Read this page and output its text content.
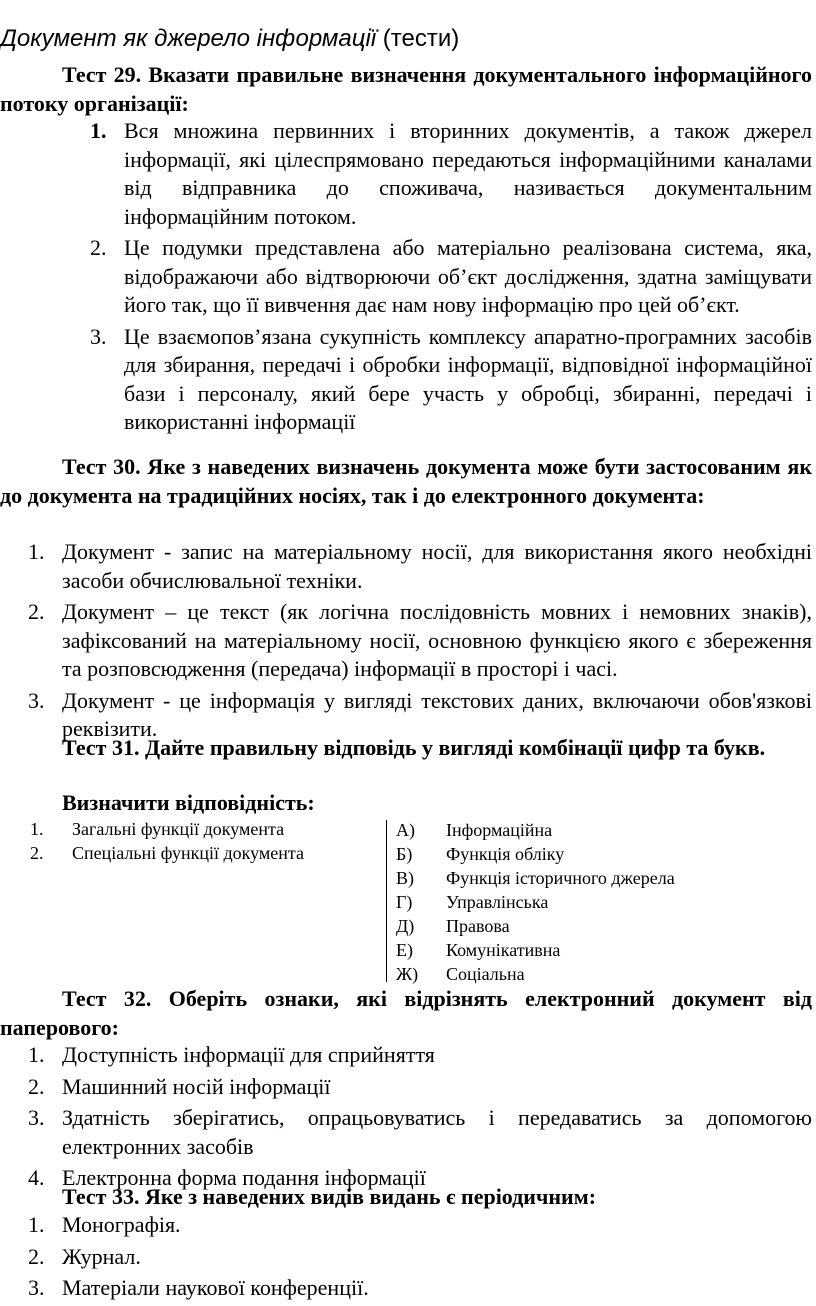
Документ як джерело інформації (тести)
Тест 29. Вказати правильне визначення документального інформаційного потоку організації:
1. Вся множина первинних і вторинних документів, а також джерел інформації, які цілеспрямовано передаються інформаційними каналами від відправника до споживача, називається документальним інформаційним потоком.
2. Це подумки представлена або матеріально реалізована система, яка, відображаючи або відтворюючи об’єкт дослідження, здатна заміщувати його так, що її вивчення дає нам нову інформацію про цей об’єкт.
3. Це взаємопов’язана сукупність комплексу апаратно-програмних засобів для збирання, передачі і обробки інформації, відповідної інформаційної бази і персоналу, який бере участь у обробці, збиранні, передачі і використанні інформації
Тест 30. Яке з наведених визначень документа може бути застосованим як до документа на традиційних носіях, так і до електронного документа:
1. Документ - запис на матеріальному носії, для використання якого необхідні засоби обчислювальної техніки.
2. Документ – це текст (як логічна послідовність мовних і немовних знаків), зафіксований на матеріальному носії, основною функцією якого є збереження та розповсюдження (передача) інформації в просторі і часі.
3. Документ - це інформація у вигляді текстових даних, включаючи обов'язкові реквізити.
Тест 31. Дайте правильну відповідь у вигляді комбінації цифр та букв.
Визначити відповідність:
1. Загальні функції документа
2. Спеціальні функції документа
А) Інформаційна
Б) Функція обліку
В) Функція історичного джерела
Г) Управлінська
Д) Правова
Е) Комунікативна
Ж) Соціальна
Тест 32. Оберіть ознаки, які відрізнять електронний документ від паперового:
1. Доступність інформації для сприйняття
2. Машинний носій інформації
3. Здатність зберігатись, опрацьовуватись і передаватись за допомогою електронних засобів
4. Електронна форма подання інформації
Тест 33. Яке з наведених видів видань є періодичним:
1. Монографія.
2. Журнал.
3. Матеріали наукової конференції.
